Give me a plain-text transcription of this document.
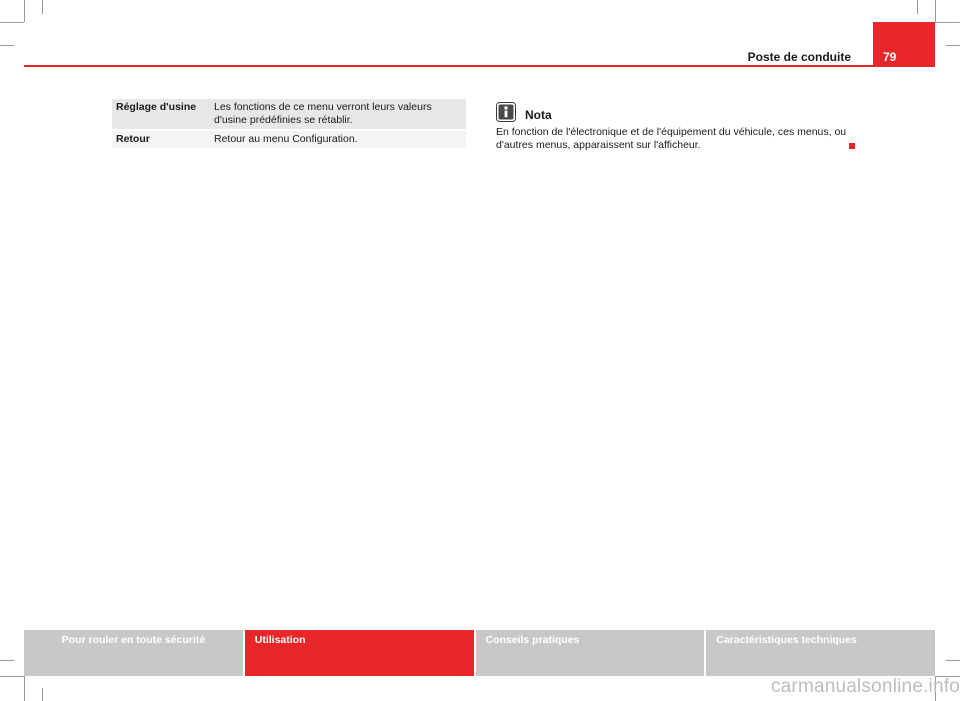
Poste de conduite	79
Réglage d'usine	Les fonctions de ce menu verront leurs valeurs d'usine prédéfinies se rétablir.
Retour	Retour au menu Configuration.
Nota
En fonction de l'électronique et de l'équipement du véhicule, ces menus, ou d'autres menus, apparaissent sur l'afficheur.
Pour rouler en toute sécurité	Utilisation	Conseils pratiques	Caractéristiques techniques
carmanualsonline.info
